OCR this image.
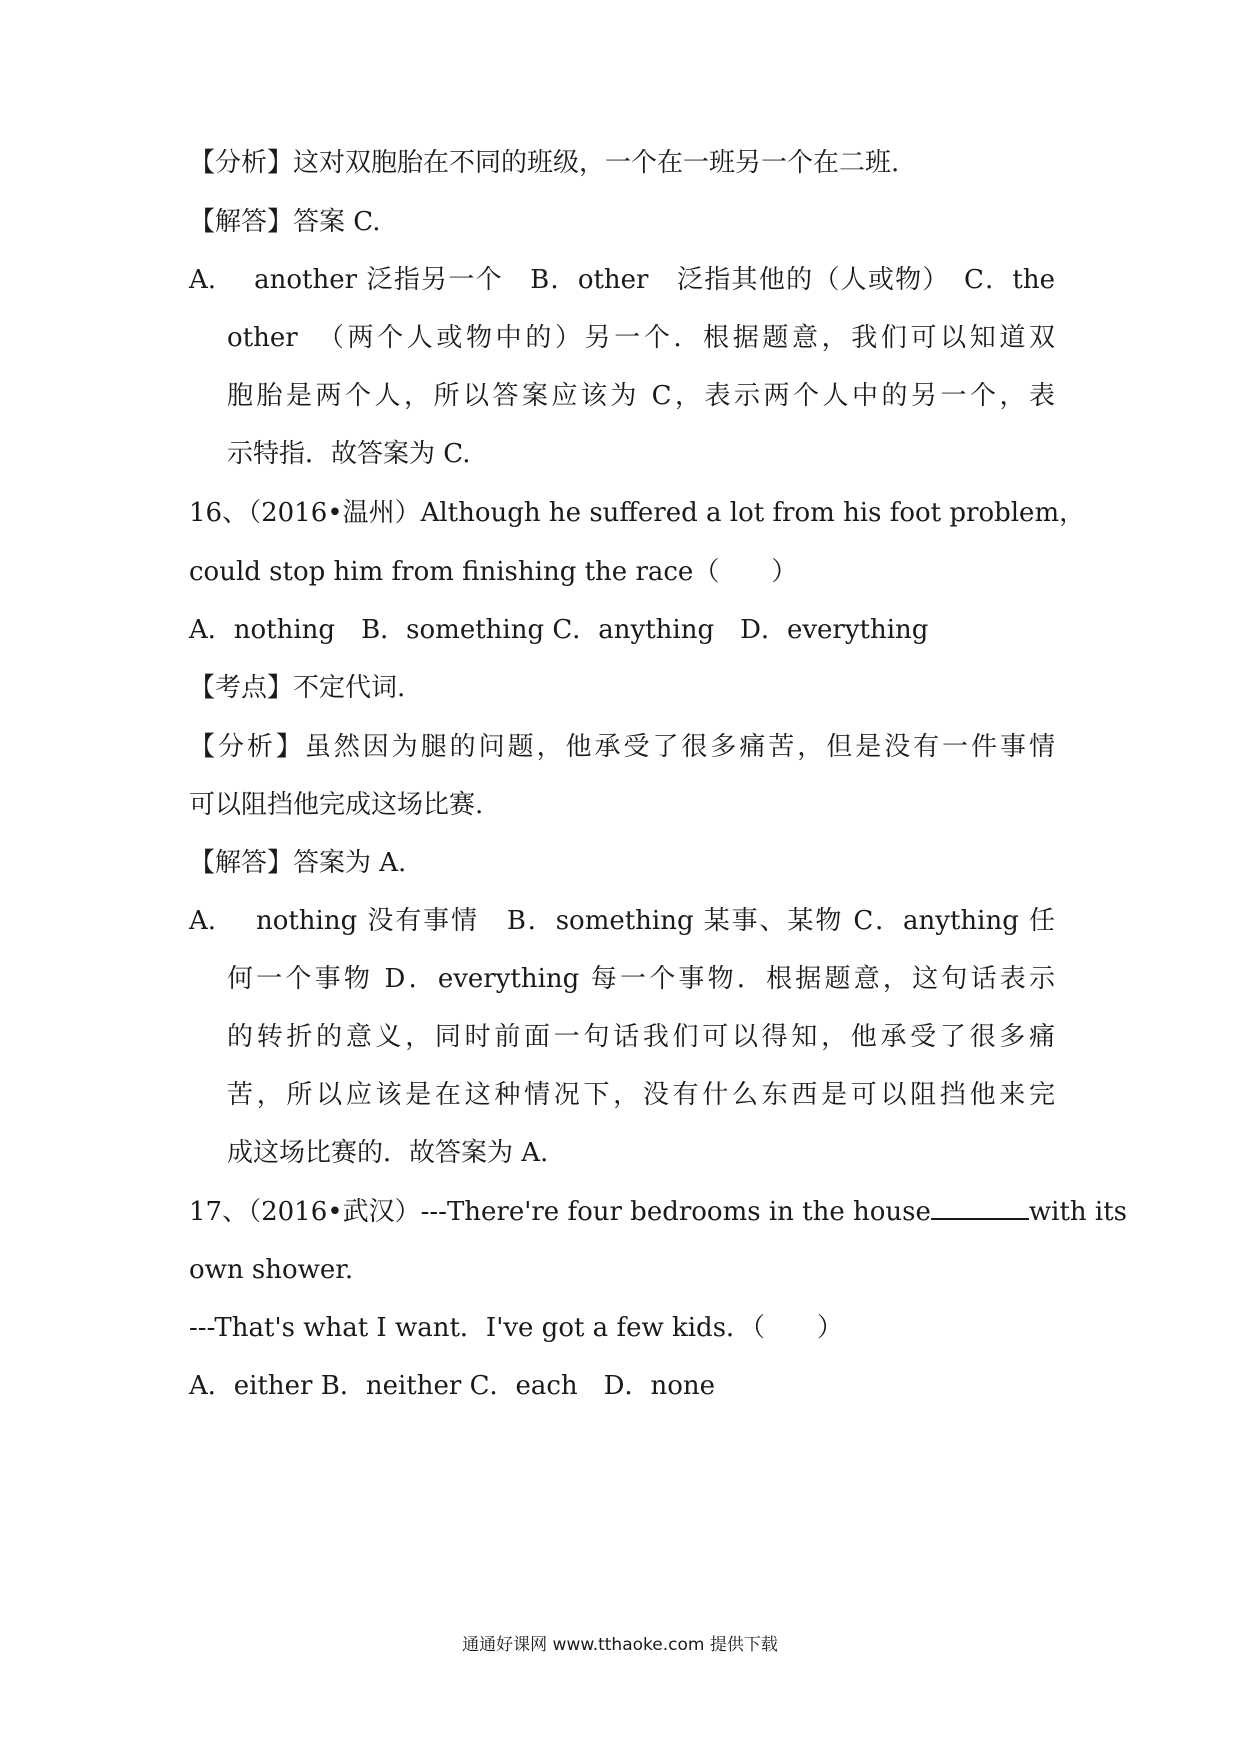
【分析】这对双胞胎在不同的班级，一个在一班另一个在二班.
【解答】答案 C.
A.　 another 泛指另一个　B．other　泛指其他的（人或物）　C．the
other　（两个人或物中的）另一个．根据题意，我们可以知道双
胞胎是两个人，所以答案应该为 C，表示两个人中的另一个，表
示特指．故答案为 C.
16、（2016•温州）Although he suffered a lot from his foot problem，
could stop him from finishing the race（　　）
A．nothing　B．something C．anything　D．everything
【考点】不定代词.
【分析】虽然因为腿的问题，他承受了很多痛苦，但是没有一件事情
可以阻挡他完成这场比赛.
【解答】答案为 A.
A.　 nothing 没有事情　B．something 某事、某物 C．anything 任
何一个事物 D．everything 每一个事物．根据题意，这句话表示
的转折的意义，同时前面一句话我们可以得知，他承受了很多痛
苦，所以应该是在这种情况下，没有什么东西是可以阻挡他来完
成这场比赛的．故答案为 A.
17、（2016•武汉）---There're four bedrooms in the house	with its
own shower.
---That's what I want．I've got a few kids．（　　）
A．either B．neither C．each　D．none
通通好课网 www.tthaoke.com 提供下载
